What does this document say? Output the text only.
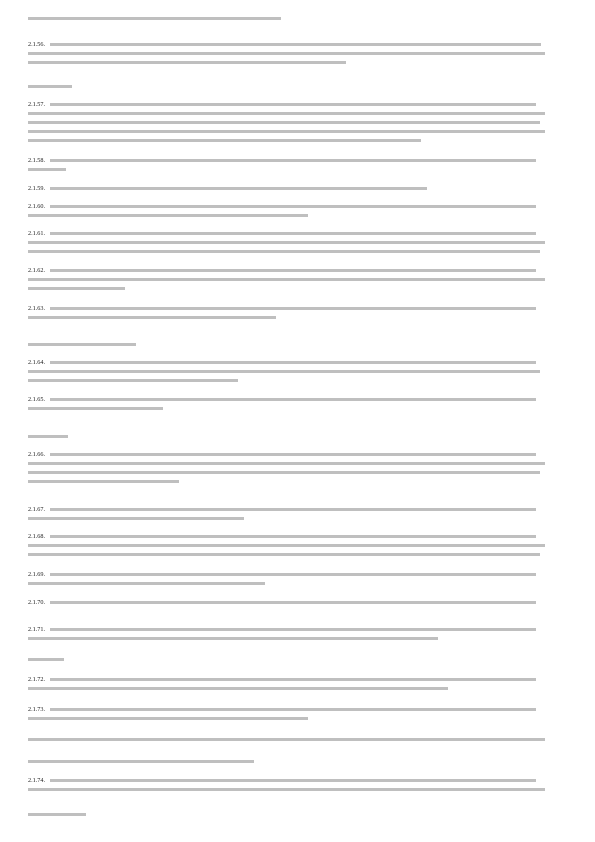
2.1.56.
2.1.57.
2.1.58.
2.1.59.
2.1.60.
2.1.61.
2.1.62.
2.1.63.
2.1.64.
2.1.65.
2.1.66.
2.1.67.
2.1.68.
2.1.69.
2.1.70.
2.1.71.
2.1.72.
2.1.73.
2.1.74.
